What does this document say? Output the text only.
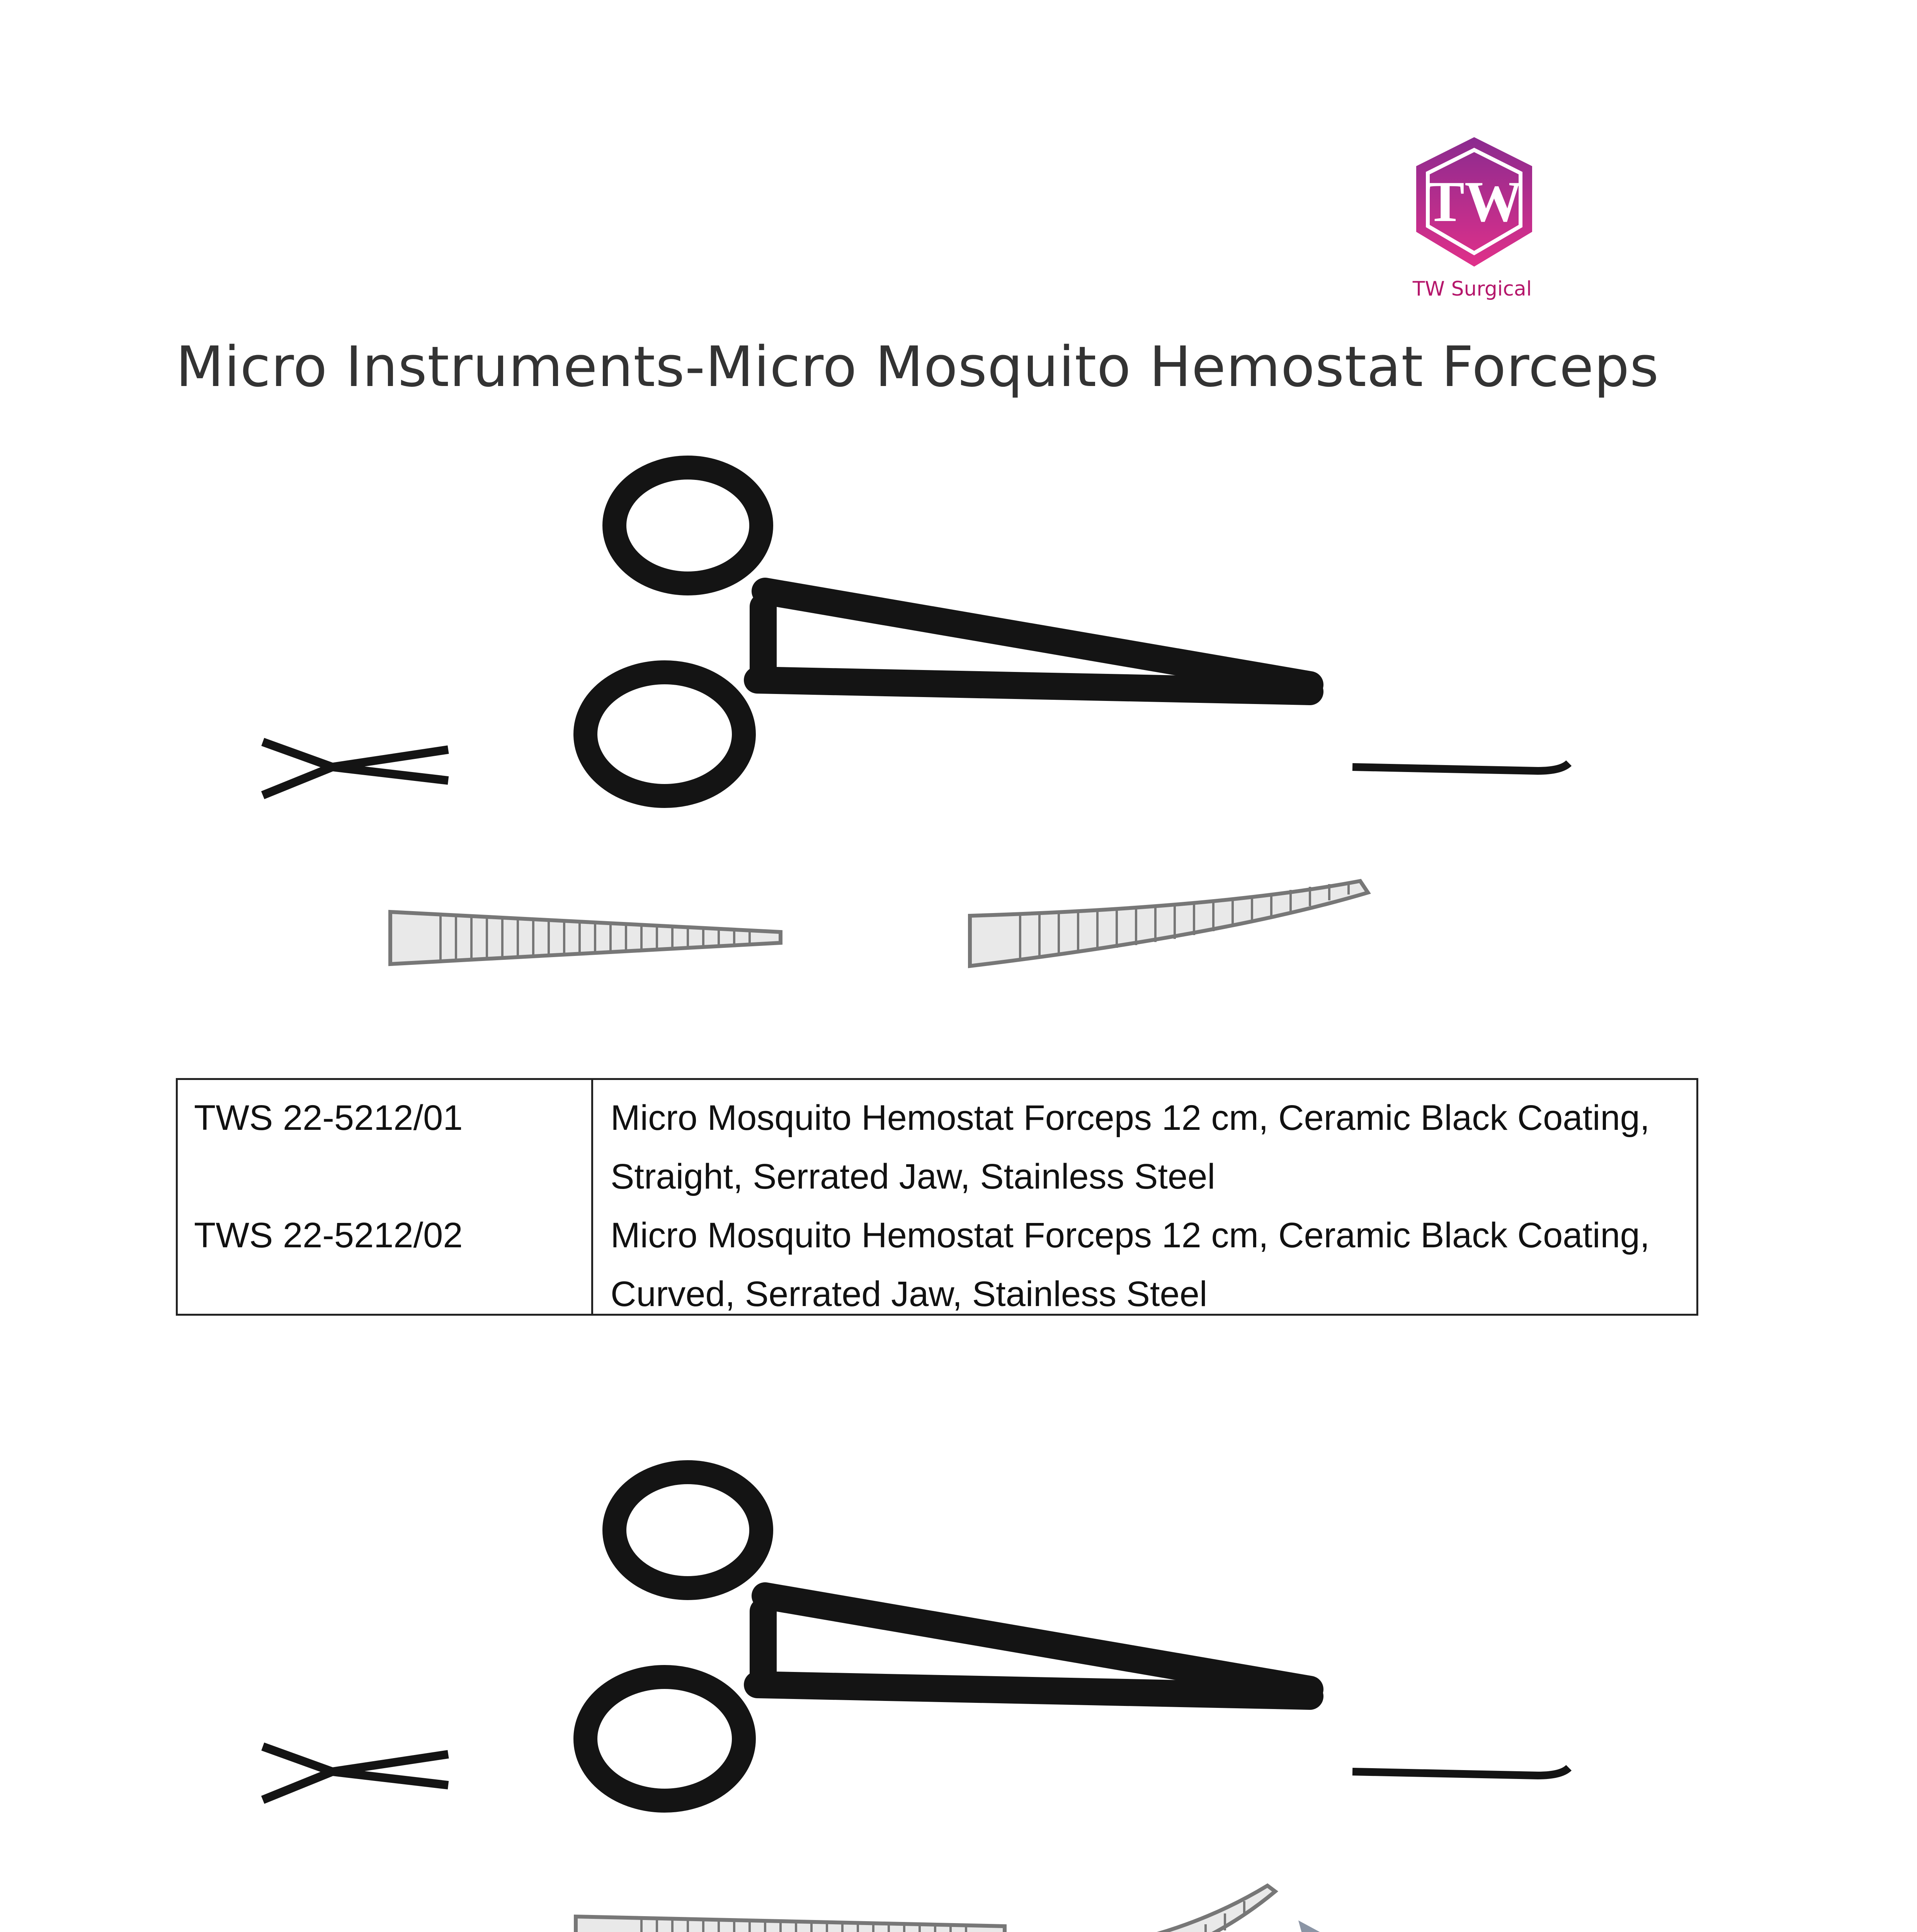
TW
TW Surgical
Micro Instruments-Micro Mosquito Hemostat Forceps
TWS 22-5212/01
TWS 22-5212/02
Micro Mosquito Hemostat Forceps 12 cm, Ceramic Black Coating,
Straight, Serrated Jaw, Stainless Steel
Micro Mosquito Hemostat Forceps 12 cm, Ceramic Black Coating,
Curved, Serrated Jaw, Stainless Steel
